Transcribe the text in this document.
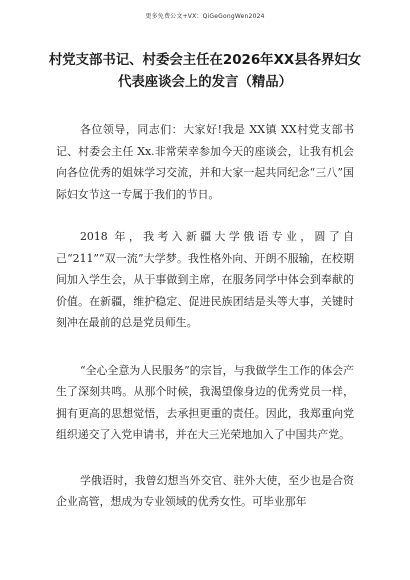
更多免费公文+VX：QiGeGongWen2024
村党支部书记、村委会主任在2026年XX县各界妇女代表座谈会上的发言（精品）

各位领导，同志们：大家好!我是 XX镇 XX村党支部书记、村委会主任 Xx.非常荣幸参加今天的座谈会，让我有机会向各位优秀的姐妹学习交流，并和大家一起共同纪念“三八”国际妇女节这一专属于我们的节日。

2018 年，我考入新疆大学俄语专业，圆了自己“211”“双一流”大学梦。我性格外向、开朗不服输，在校期间加入学生会，从于事做到主席，在服务同学中体会到奉献的价值。在新疆，维护稳定、促进民族团结是头等大事，关键时刻冲在最前的总是党员师生。

“全心全意为人民服务”的宗旨，与我做学生工作的体会产生了深刻共鸣。从那个时候，我渴望像身边的优秀党员一样，拥有更高的思想觉悟，去承担更重的责任。因此，我郑重向党组织递交了入党申请书，并在大三光荣地加入了中国共产党。

学俄语时，我曾幻想当外交官、驻外大使，至少也是合资企业高管，想成为专业领域的优秀女性。可毕业那年
